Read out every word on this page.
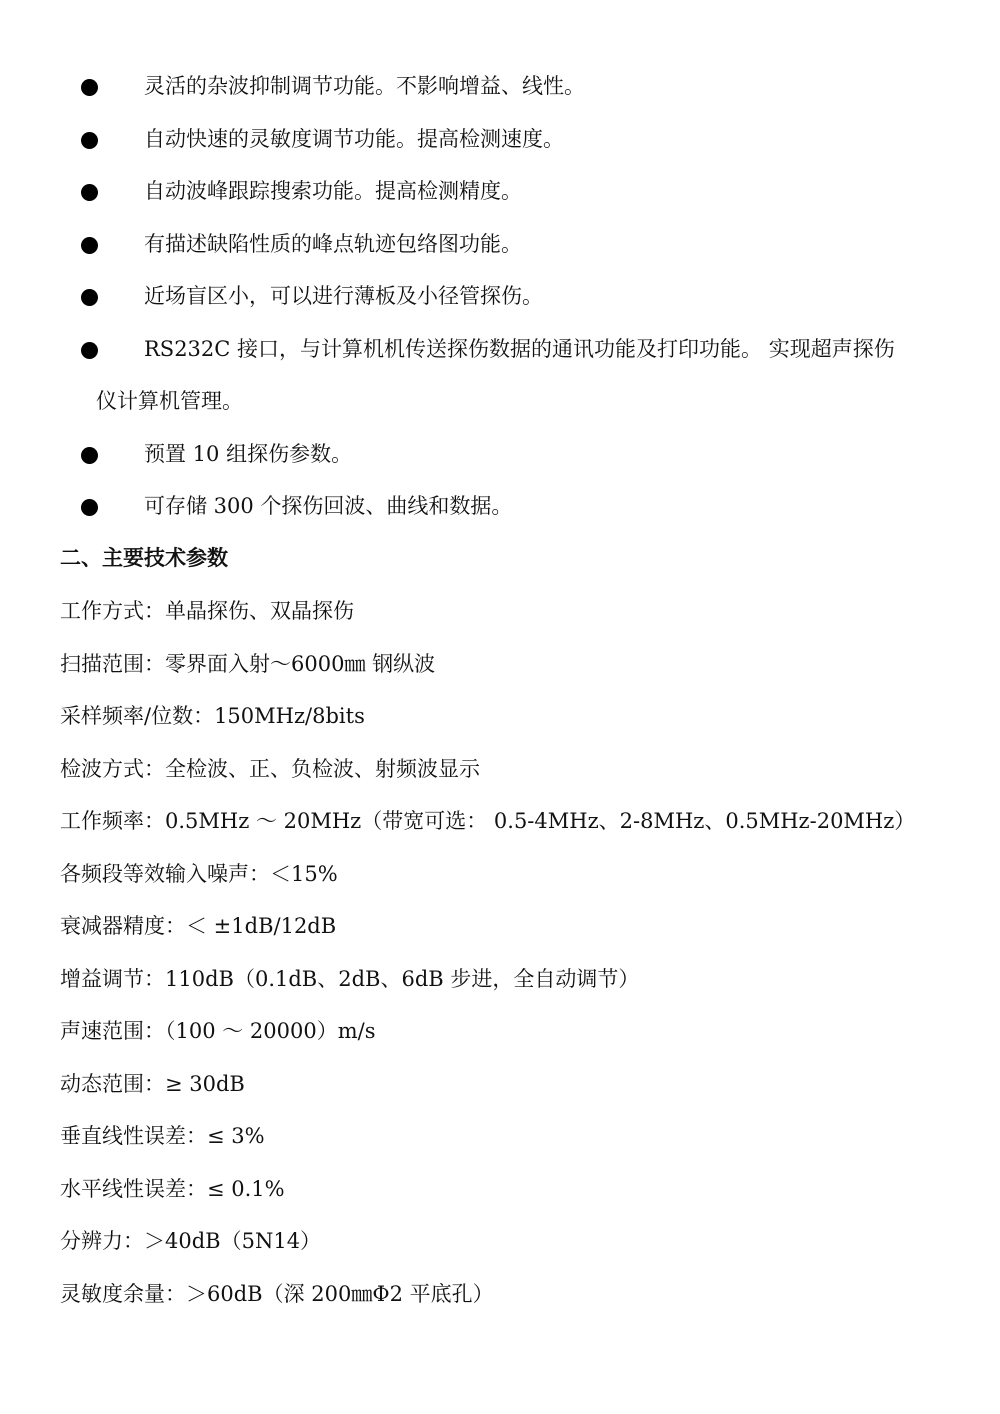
灵活的杂波抑制调节功能。不影响增益、线性。
自动快速的灵敏度调节功能。提高检测速度。
自动波峰跟踪搜索功能。提高检测精度。
有描述缺陷性质的峰点轨迹包络图功能。
近场盲区小，可以进行薄板及小径管探伤。
RS232C 接口，与计算机机传送探伤数据的通讯功能及打印功能。 实现超声探伤仪计算机管理。
预置 10 组探伤参数。
可存储 300 个探伤回波、曲线和数据。
二、主要技术参数
工作方式：单晶探伤、双晶探伤
扫描范围：零界面入射～6000㎜ 钢纵波
采样频率/位数：150MHz/8bits
检波方式：全检波、正、负检波、射频波显示
工作频率：0.5MHz ～ 20MHz（带宽可选： 0.5-4MHz、2-8MHz、0.5MHz-20MHz）
各频段等效输入噪声：＜15%
衰减器精度：＜ ±1dB/12dB
增益调节：110dB（0.1dB、2dB、6dB 步进，全自动调节）
声速范围：（100 ～ 20000）m/s
动态范围：≥ 30dB
垂直线性误差：≤ 3%
水平线性误差：≤ 0.1%
分辨力：＞40dB（5N14）
灵敏度余量：＞60dB（深 200㎜Φ2 平底孔）
